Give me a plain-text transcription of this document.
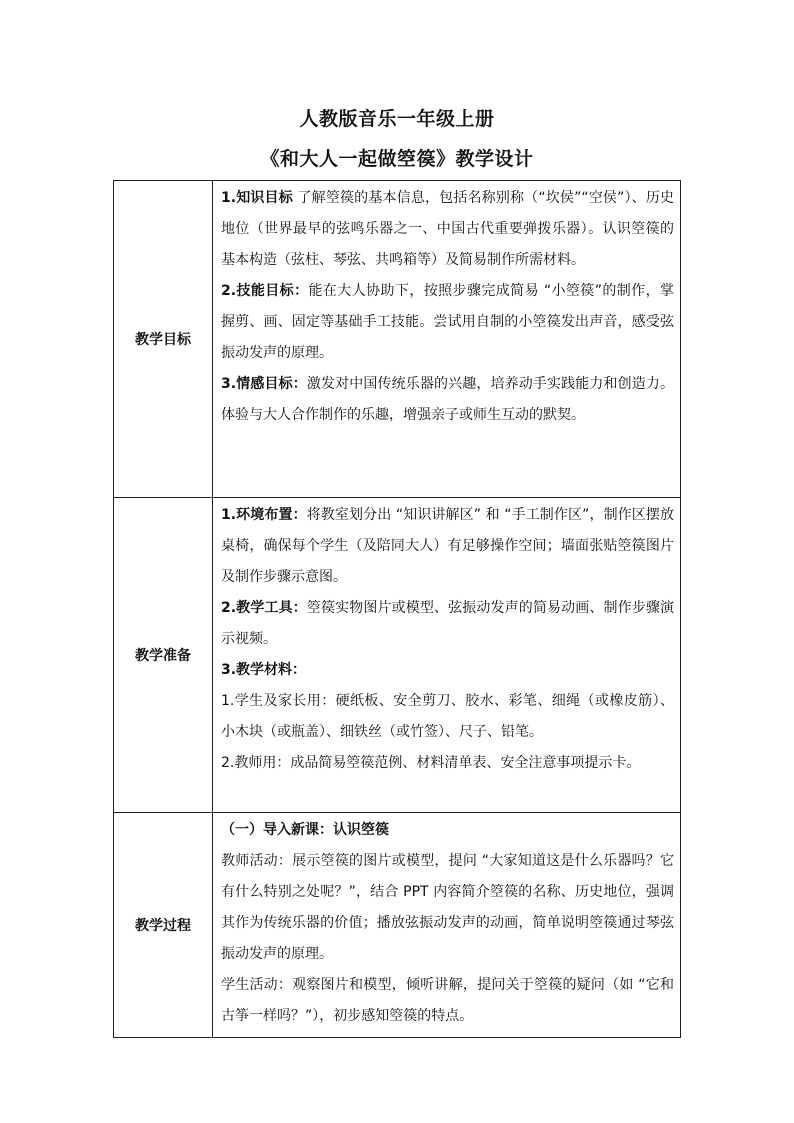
人教版音乐一年级上册
《和大人一起做箜篌》教学设计
教学目标	1.知识目标 了解箜篌的基本信息，包括名称别称（“坎侯”“空侯”）、历史地位（世界最早的弦鸣乐器之一、中国古代重要弹拨乐器）。认识箜篌的基本构造（弦柱、琴弦、共鸣箱等）及简易制作所需材料。

2.技能目标：能在大人协助下，按照步骤完成简易 “小箜篌”的制作，掌握剪、画、固定等基础手工技能。尝试用自制的小箜篌发出声音，感受弦振动发声的原理。

3.情感目标：激发对中国传统乐器的兴趣，培养动手实践能力和创造力。体验与大人合作制作的乐趣，增强亲子或师生互动的默契。

教学准备	1.环境布置：将教室划分出 “知识讲解区” 和 “手工制作区”，制作区摆放桌椅，确保每个学生（及陪同大人）有足够操作空间；墙面张贴箜篌图片及制作步骤示意图。

2.教学工具：箜篌实物图片或模型、弦振动发声的简易动画、制作步骤演示视频。

3.教学材料：

1.学生及家长用：硬纸板、安全剪刀、胶水、彩笔、细绳（或橡皮筋）、小木块（或瓶盖）、细铁丝（或竹签）、尺子、铅笔。

2.教师用：成品简易箜篌范例、材料清单表、安全注意事项提示卡。

教学过程	（一）导入新课：认识箜篌

教师活动：展示箜篌的图片或模型，提问 “大家知道这是什么乐器吗？它有什么特别之处呢？”，结合 PPT 内容简介箜篌的名称、历史地位，强调其作为传统乐器的价值；播放弦振动发声的动画，简单说明箜篌通过琴弦振动发声的原理。

学生活动：观察图片和模型，倾听讲解，提问关于箜篌的疑问（如 “它和古筝一样吗？”），初步感知箜篌的特点。
